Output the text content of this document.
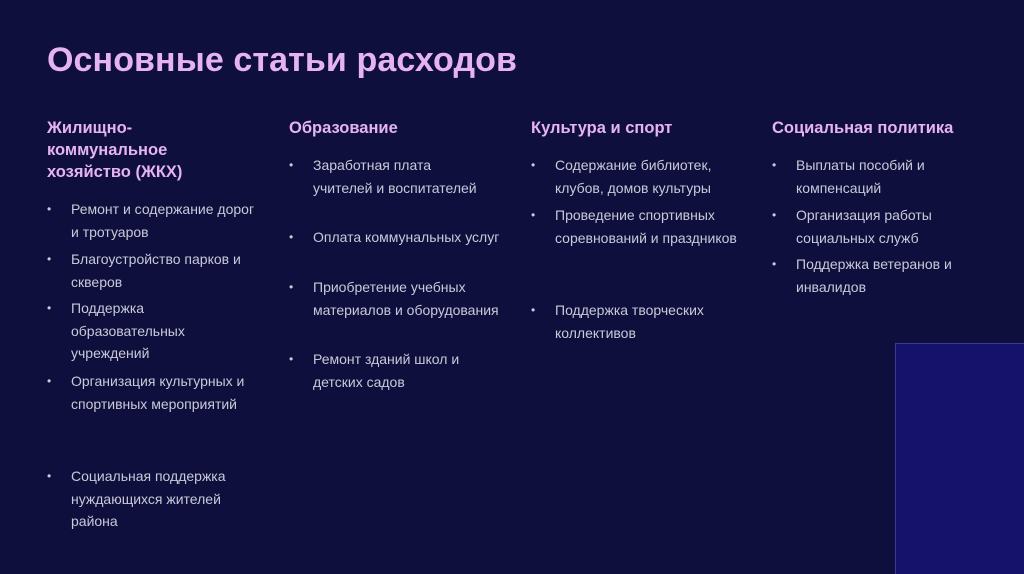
Основные статьи расходов
Жилищно-коммунальное хозяйство (ЖКХ)
• Ремонт и содержание дорог и тротуаров
• Благоустройство парков и скверов
• Поддержка образовательных учреждений
• Организация культурных и спортивных мероприятий
• Социальная поддержка нуждающихся жителей района
Образование
• Заработная плата учителей и воспитателей
• Оплата коммунальных услуг
• Приобретение учебных материалов и оборудования
• Ремонт зданий школ и детских садов
Культура и спорт
• Содержание библиотек, клубов, домов культуры
• Проведение спортивных соревнований и праздников
• Поддержка творческих коллективов
Социальная политика
• Выплаты пособий и компенсаций
• Организация работы социальных служб
• Поддержка ветеранов и инвалидов
